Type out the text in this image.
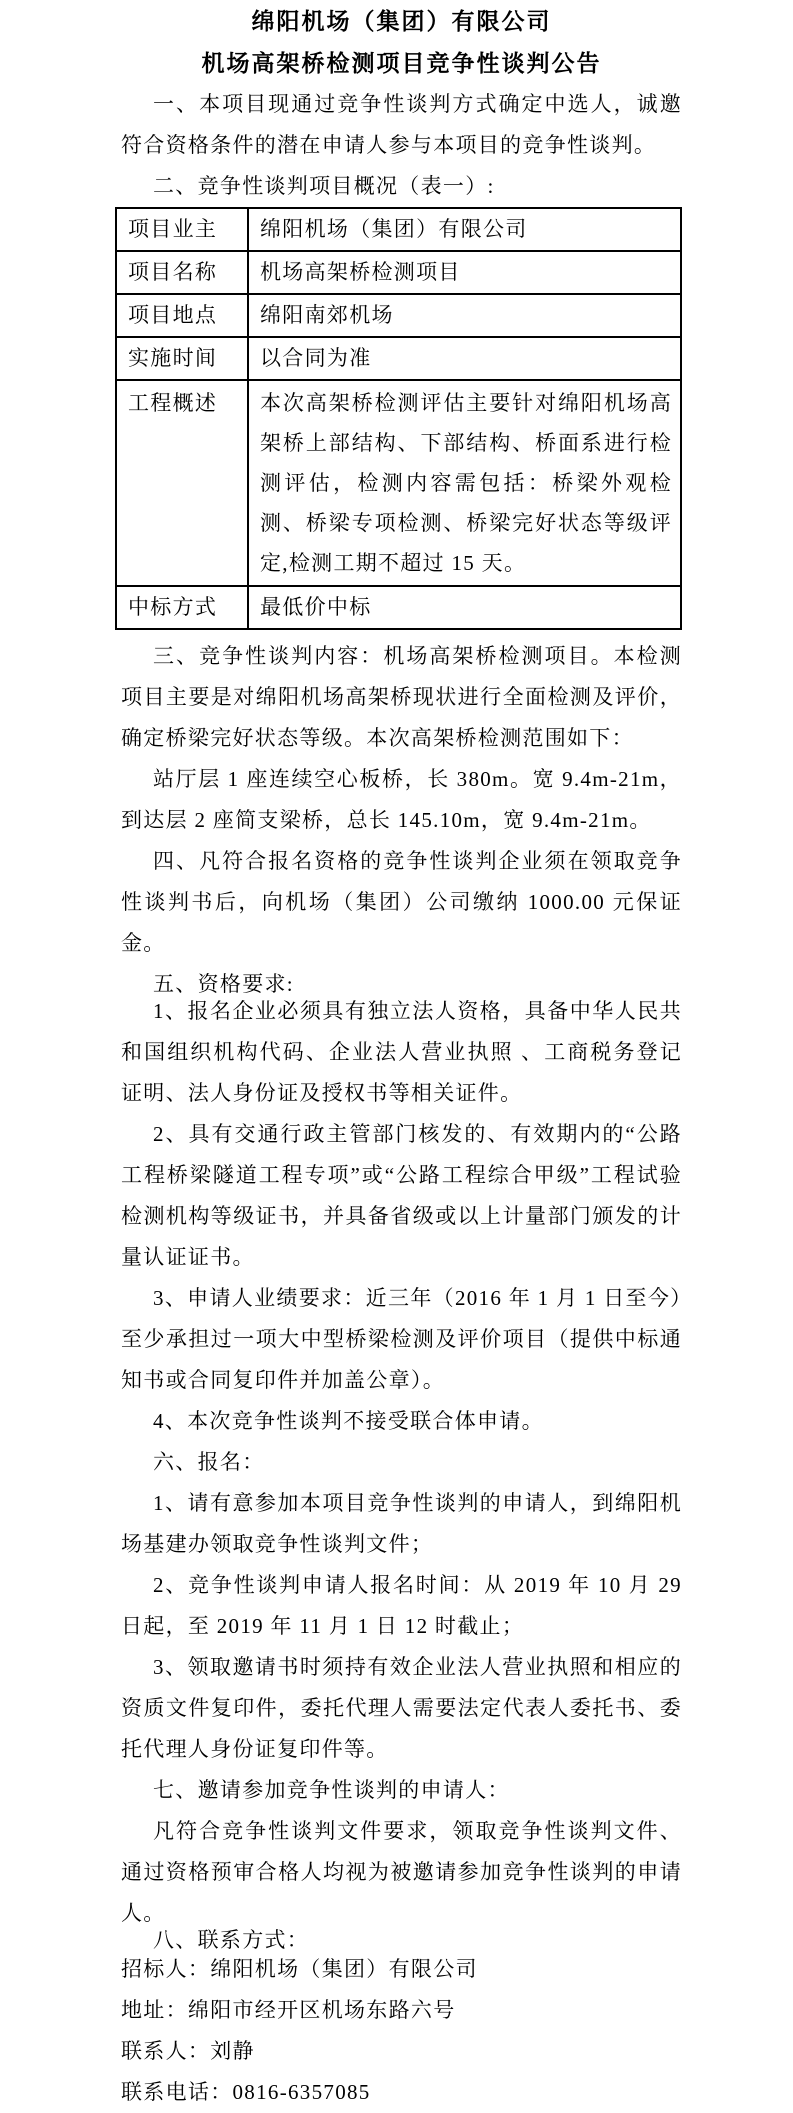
绵阳机场（集团）有限公司
机场高架桥检测项目竞争性谈判公告

一、本项目现通过竞争性谈判方式确定中选人，诚邀符合资格条件的潜在申请人参与本项目的竞争性谈判。

二、竞争性谈判项目概况（表一）:

项目业主	绵阳机场（集团）有限公司
项目名称	机场高架桥检测项目
项目地点	绵阳南郊机场
实施时间	以合同为准
工程概述	本次高架桥检测评估主要针对绵阳机场高架桥上部结构、下部结构、桥面系进行检测评估，检测内容需包括：桥梁外观检测、桥梁专项检测、桥梁完好状态等级评定,检测工期不超过 15 天。
中标方式	最低价中标

三、竞争性谈判内容：机场高架桥检测项目。本检测项目主要是对绵阳机场高架桥现状进行全面检测及评价，确定桥梁完好状态等级。本次高架桥检测范围如下：

站厅层 1 座连续空心板桥，长 380m。宽 9.4m-21m，到达层 2 座简支梁桥，总长 145.10m，宽 9.4m-21m。

四、凡符合报名资格的竞争性谈判企业须在领取竞争性谈判书后，向机场（集团）公司缴纳 1000.00 元保证金。

五、资格要求:

1、报名企业必须具有独立法人资格，具备中华人民共和国组织机构代码、企业法人营业执照 、工商税务登记证明、法人身份证及授权书等相关证件。

2、具有交通行政主管部门核发的、有效期内的“公路工程桥梁隧道工程专项”或“公路工程综合甲级”工程试验检测机构等级证书，并具备省级或以上计量部门颁发的计量认证证书。

3、申请人业绩要求：近三年（2016 年 1 月 1 日至今）至少承担过一项大中型桥梁检测及评价项目（提供中标通知书或合同复印件并加盖公章）。

4、本次竞争性谈判不接受联合体申请。

六、报名：

1、请有意参加本项目竞争性谈判的申请人，到绵阳机场基建办领取竞争性谈判文件；

2、竞争性谈判申请人报名时间：从 2019 年 10 月 29 日起，至 2019 年 11 月 1 日 12 时截止；

3、领取邀请书时须持有效企业法人营业执照和相应的资质文件复印件，委托代理人需要法定代表人委托书、委托代理人身份证复印件等。

七、邀请参加竞争性谈判的申请人：

凡符合竞争性谈判文件要求，领取竞争性谈判文件、通过资格预审合格人均视为被邀请参加竞争性谈判的申请人。

八、联系方式：

招标人：绵阳机场（集团）有限公司

地址：绵阳市经开区机场东路六号

联系人：刘静

联系电话：0816-6357085
